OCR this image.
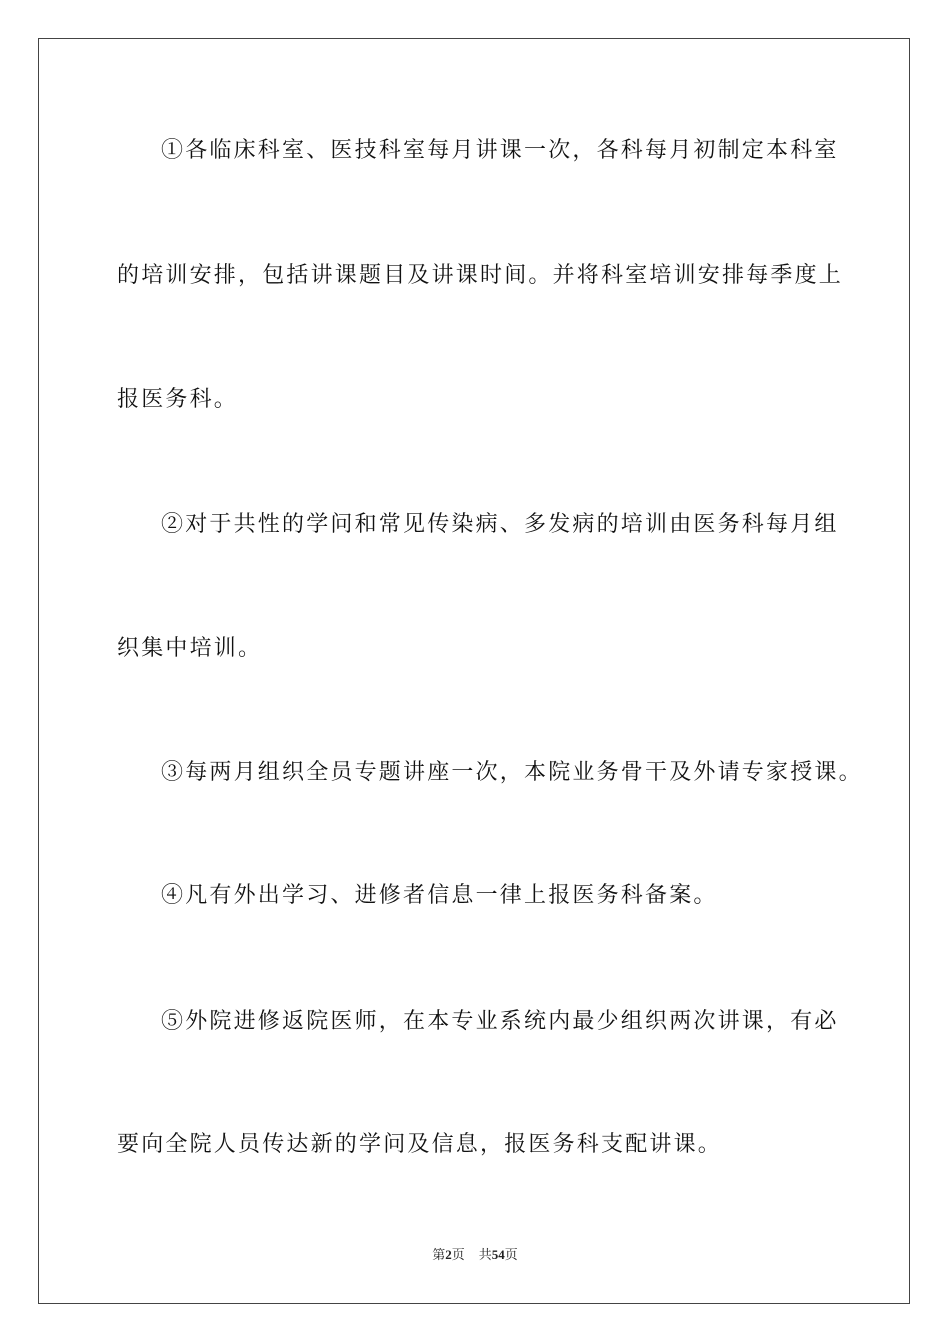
①各临床科室、医技科室每月讲课一次，各科每月初制定本科室
的培训安排，包括讲课题目及讲课时间。并将科室培训安排每季度上
报医务科。
②对于共性的学问和常见传染病、多发病的培训由医务科每月组
织集中培训。
③每两月组织全员专题讲座一次，本院业务骨干及外请专家授课。
④凡有外出学习、进修者信息一律上报医务科备案。
⑤外院进修返院医师，在本专业系统内最少组织两次讲课，有必
要向全院人员传达新的学问及信息，报医务科支配讲课。
第2页 共54页
